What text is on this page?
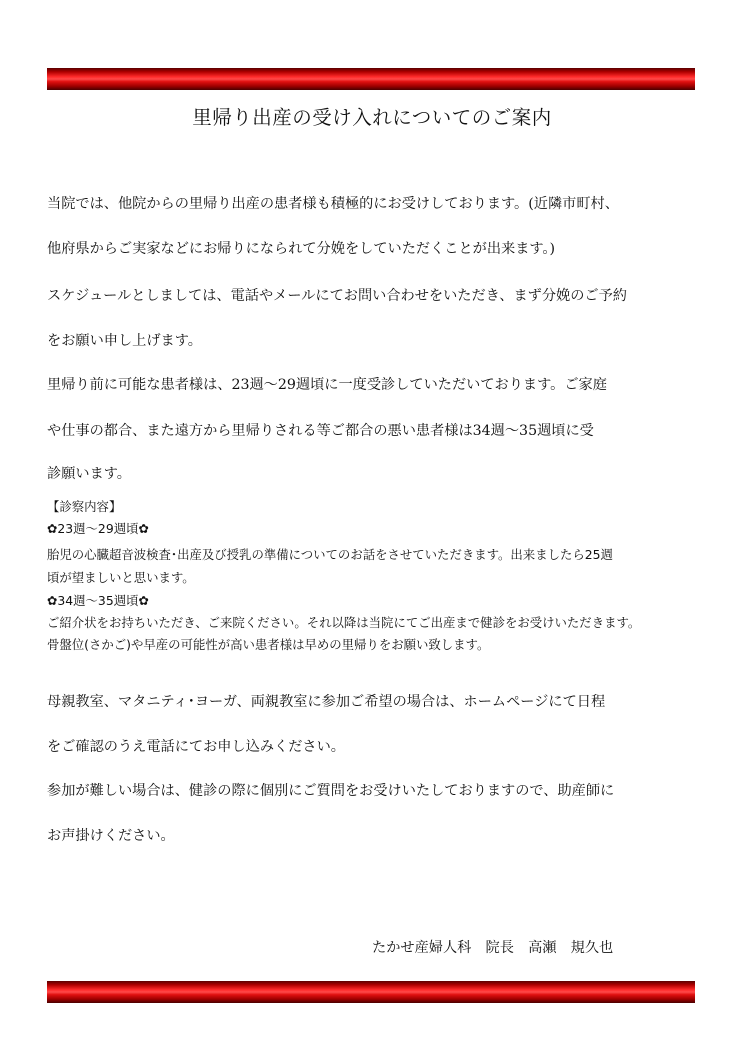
里帰り出産の受け入れについてのご案内
当院では、他院からの里帰り出産の患者様も積極的にお受けしております。(近隣市町村、
他府県からご実家などにお帰りになられて分娩をしていただくことが出来ます。)
スケジュールとしましては、電話やメールにてお問い合わせをいただき、まず分娩のご予約
をお願い申し上げます。
里帰り前に可能な患者様は、23週〜29週頃に一度受診していただいております。ご家庭
や仕事の都合、また遠方から里帰りされる等ご都合の悪い患者様は34週〜35週頃に受
診願います。
【診察内容】
✿23週〜29週頃✿
胎児の心臓超音波検査･出産及び授乳の準備についてのお話をさせていただきます。出来ましたら25週
頃が望ましいと思います。
✿34週〜35週頃✿
ご紹介状をお持ちいただき、ご来院ください。それ以降は当院にてご出産まで健診をお受けいただきます。
骨盤位(さかご)や早産の可能性が高い患者様は早めの里帰りをお願い致します。
母親教室、マタニティ･ヨーガ、両親教室に参加ご希望の場合は、ホームページにて日程
をご確認のうえ電話にてお申し込みください。
参加が難しい場合は、健診の際に個別にご質問をお受けいたしておりますので、助産師に
お声掛けください。
たかせ産婦人科　院長　高瀬　規久也
